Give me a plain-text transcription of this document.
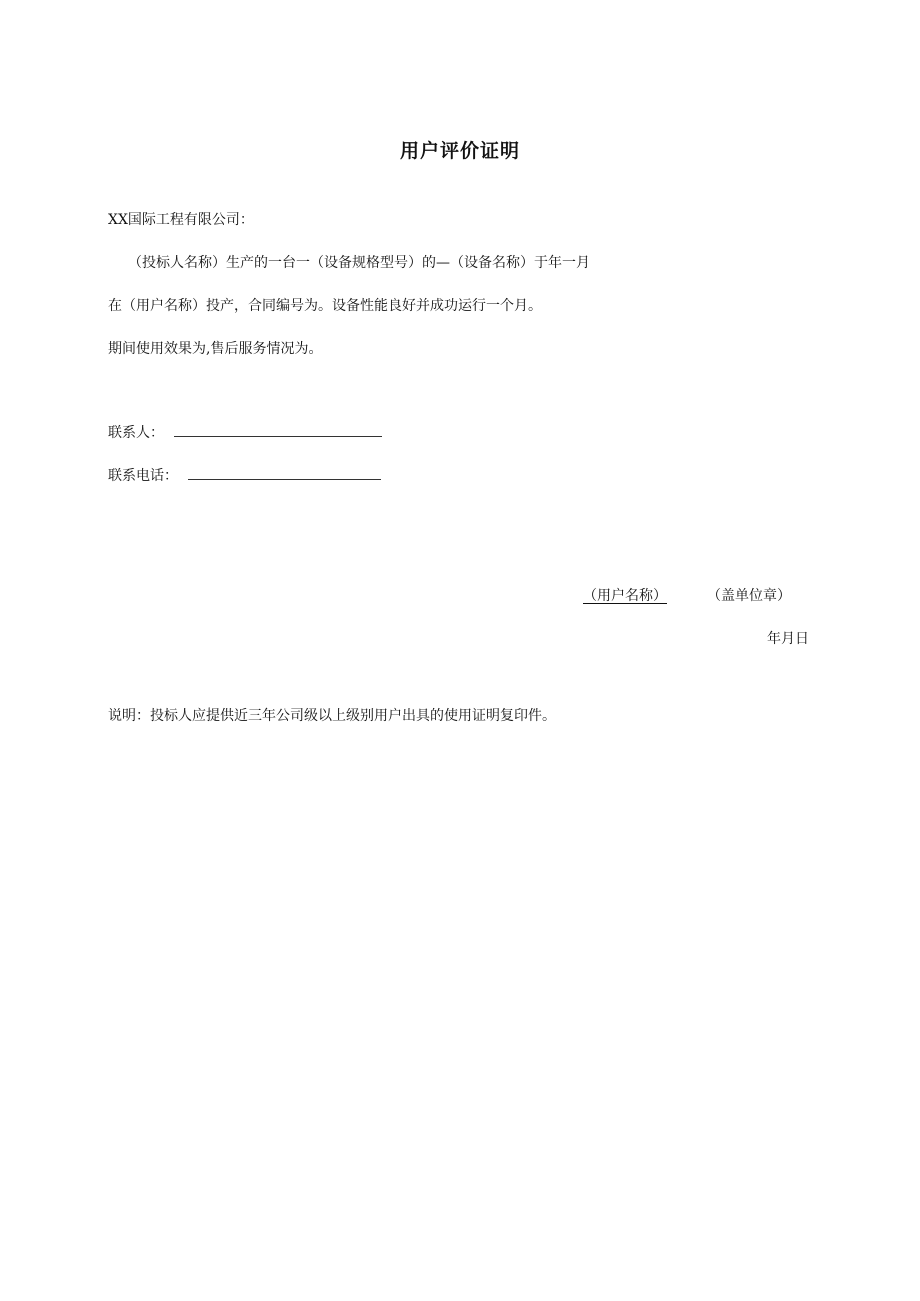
用户评价证明
XX国际工程有限公司：
（投标人名称）生产的一台一（设备规格型号）的—（设备名称）于年一月
在（用户名称）投产，合同编号为。设备性能良好并成功运行一个月。
期间使用效果为,售后服务情况为。
联系人：
联系电话：
（用户名称）	（盖单位章）
年月日
说明：投标人应提供近三年公司级以上级别用户出具的使用证明复印件。
